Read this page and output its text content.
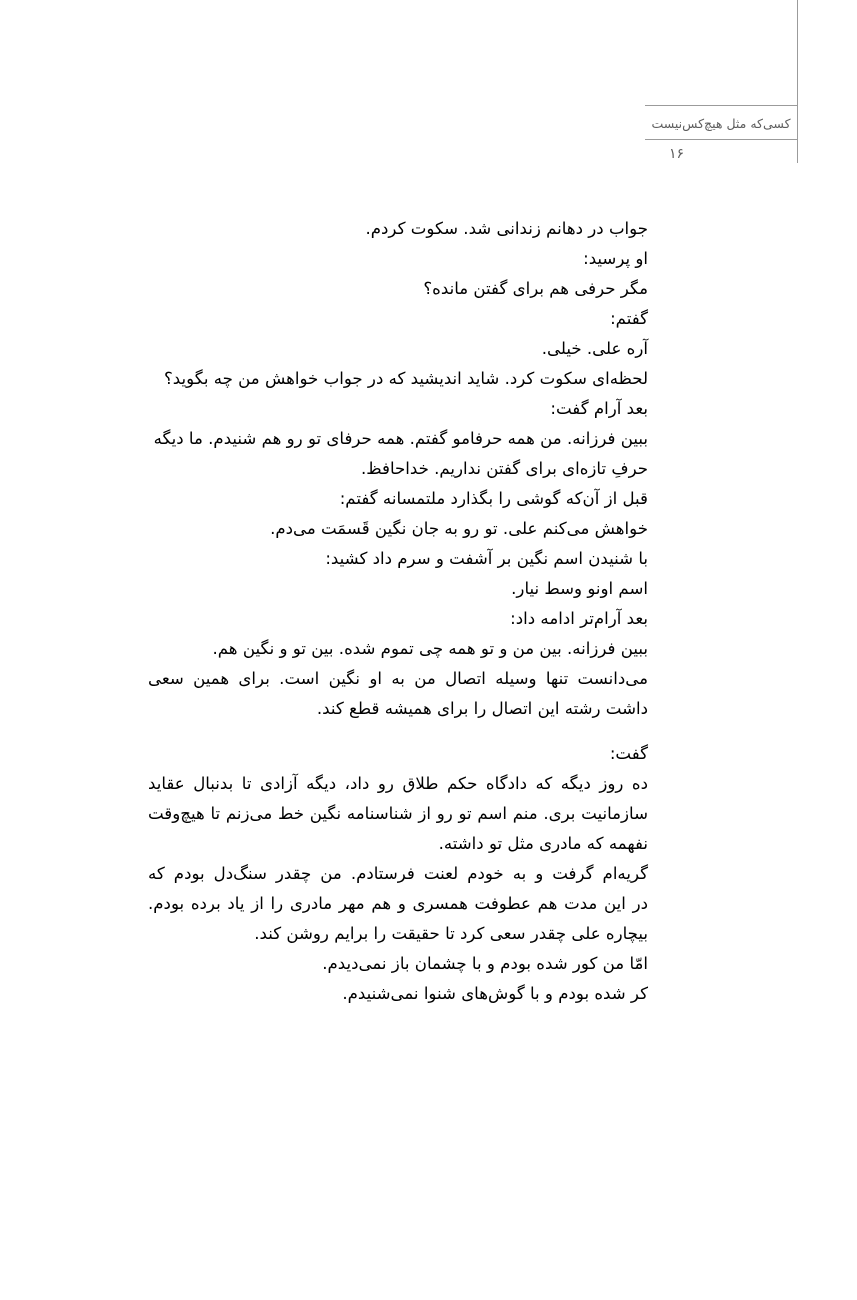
کسی‌که مثل هیچ‌کس‌نیست
۱۶
جواب در دهانم زندانی شد. سکوت کردم.
او پرسید:
مگر حرفی هم برای گفتن مانده؟
گفتم:
آره علی. خیلی.
لحظه‌ای سکوت کرد. شاید اندیشید که در جواب خواهش من چه بگوید؟
بعد آرام گفت:
ببین فرزانه. من همه حرفامو گفتم. همه حرفای تو رو هم شنیدم. ما دیگه
حرفِ تازه‌ای برای گفتن نداریم. خداحافظ.
قبل از آن‌که گوشی را بگذارد ملتمسانه گفتم:
خواهش می‌کنم علی. تو رو به جان نگین قَسمَت می‌دم.
با شنیدن اسم نگین بر آشفت و سرم داد کشید:
اسم اونو وسط نیار.
بعد آرام‌تر ادامه داد:
ببین فرزانه. بین من و تو همه چی تموم شده. بین تو و نگین هم.
می‌دانست تنها وسیله اتصال من به او نگین است. برای همین سعی
داشت رشته این اتصال را برای همیشه قطع کند.
گفت:
ده روز دیگه که دادگاه حکم طلاق رو داد، دیگه آزادی تا بدنبال عقاید
سازمانیت بری. منم اسم تو رو از شناسنامه نگین خط می‌زنم تا هیچ‌وقت
نفهمه که مادری مثل تو داشته.
گریه‌ام گرفت و به خودم لعنت فرستادم. من چقدر سنگ‌دل بودم که
در این مدت هم عطوفت همسری و هم مهر مادری را از یاد برده بودم.
بیچاره علی چقدر سعی کرد تا حقیقت را برایم روشن کند.
امّا من کور شده بودم و با چشمان باز نمی‌دیدم.
کر شده بودم و با گوش‌های شنوا نمی‌شنیدم.
